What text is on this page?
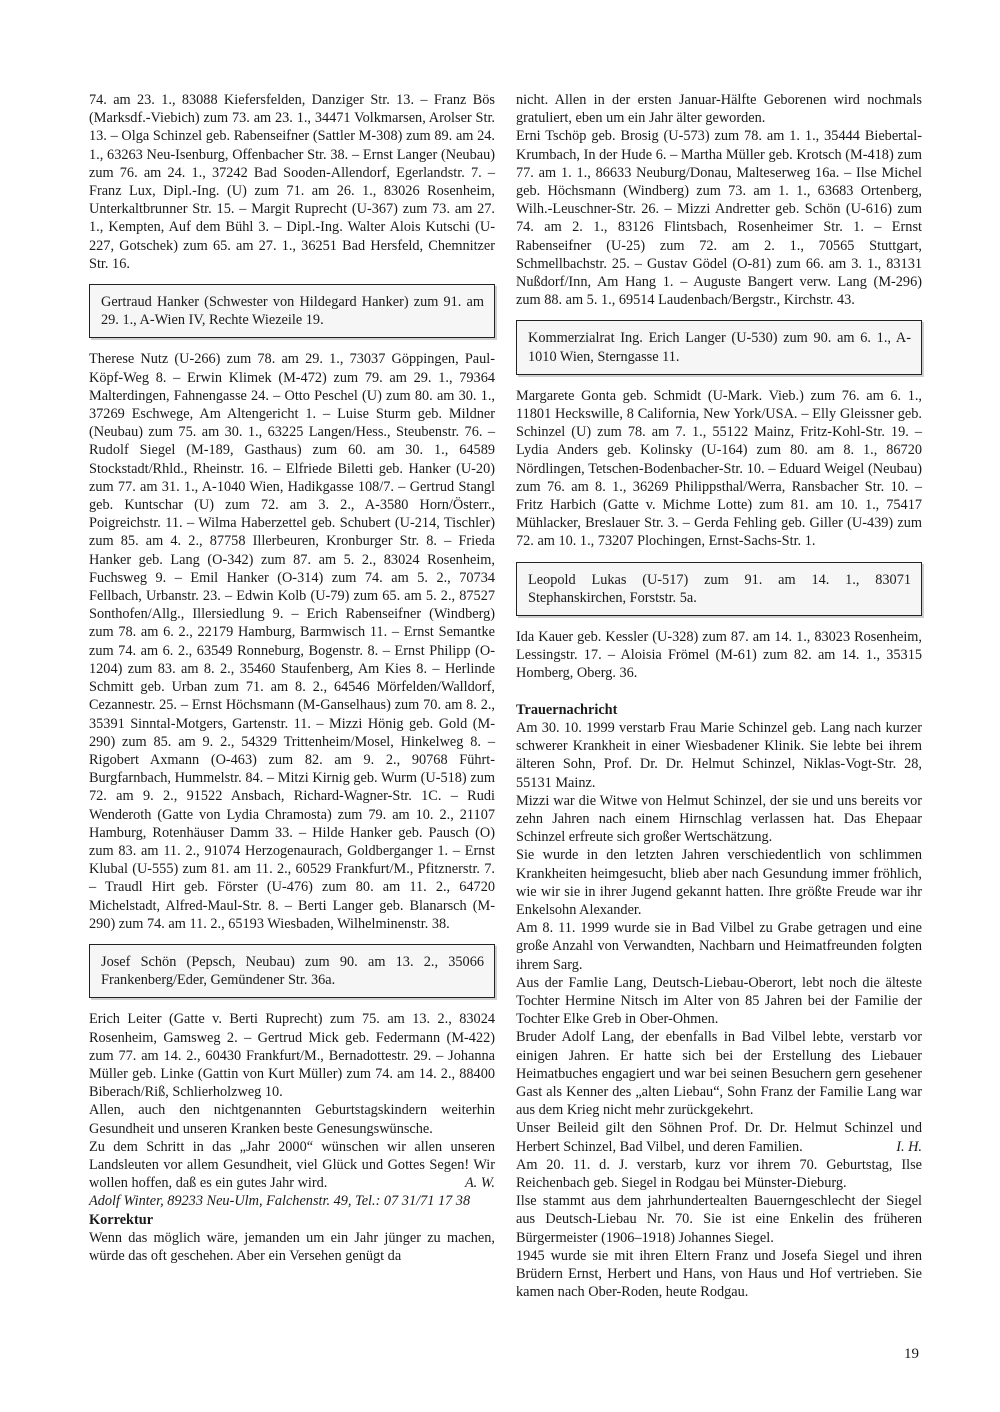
74. am 23. 1., 83088 Kiefersfelden, Danziger Str. 13. – Franz Bös (Marksdf.-Viebich) zum 73. am 23. 1., 34471 Volkmarsen, Arolser Str. 13. – Olga Schinzel geb. Rabenseifner (Sattler M-308) zum 89. am 24. 1., 63263 Neu-Isenburg, Offenbacher Str. 38. – Ernst Langer (Neubau) zum 76. am 24. 1., 37242 Bad Sooden-Allendorf, Egerlandstr. 7. – Franz Lux, Dipl.-Ing. (U) zum 71. am 26. 1., 83026 Rosenheim, Unterkaltbrunner Str. 15. – Margit Ruprecht (U-367) zum 73. am 27. 1., Kempten, Auf dem Bühl 3. – Dipl.-Ing. Walter Alois Kutschi (U-227, Gotschek) zum 65. am 27. 1., 36251 Bad Hersfeld, Chemnitzer Str. 16.

Gertraud Hanker (Schwester von Hildegard Hanker) zum 91. am 29. 1., A-Wien IV, Rechte Wiezeile 19.

Therese Nutz (U-266) zum 78. am 29. 1., 73037 Göppingen, Paul-Köpf-Weg 8. – Erwin Klimek (M-472) zum 79. am 29. 1., 79364 Malterdingen, Fahnengasse 24. – Otto Peschel (U) zum 80. am 30. 1., 37269 Eschwege, Am Altengericht 1. – Luise Sturm geb. Mildner (Neubau) zum 75. am 30. 1., 63225 Langen/Hess., Steubenstr. 76. – Rudolf Siegel (M-189, Gasthaus) zum 60. am 30. 1., 64589 Stockstadt/Rhld., Rheinstr. 16. – Elfriede Biletti geb. Hanker (U-20) zum 77. am 31. 1., A-1040 Wien, Hadikgasse 108/7. – Gertrud Stangl geb. Kuntschar (U) zum 72. am 3. 2., A-3580 Horn/Österr., Poigreichstr. 11. – Wilma Haberzettel geb. Schubert (U-214, Tischler) zum 85. am 4. 2., 87758 Illerbeuren, Kronburger Str. 8. – Frieda Hanker geb. Lang (O-342) zum 87. am 5. 2., 83024 Rosenheim, Fuchsweg 9. – Emil Hanker (O-314) zum 74. am 5. 2., 70734 Fellbach, Urbanstr. 23. – Edwin Kolb (U-79) zum 65. am 5. 2., 87527 Sonthofen/Allg., Illersiedlung 9. – Erich Rabenseifner (Windberg) zum 78. am 6. 2., 22179 Hamburg, Barmwisch 11. – Ernst Semantke zum 74. am 6. 2., 63549 Ronneburg, Bogenstr. 8. – Ernst Philipp (O-1204) zum 83. am 8. 2., 35460 Staufenberg, Am Kies 8. – Herlinde Schmitt geb. Urban zum 71. am 8. 2., 64546 Mörfelden/Walldorf, Cezannestr. 25. – Ernst Höchsmann (M-Ganselhaus) zum 70. am 8. 2., 35391 Sinntal-Motgers, Gartenstr. 11. – Mizzi Hönig geb. Gold (M-290) zum 85. am 9. 2., 54329 Trittenheim/Mosel, Hinkelweg 8. – Rigobert Axmann (O-463) zum 82. am 9. 2., 90768 Führt-Burgfarnbach, Hummelstr. 84. – Mitzi Kirnig geb. Wurm (U-518) zum 72. am 9. 2., 91522 Ansbach, Richard-Wagner-Str. 1C. – Rudi Wenderoth (Gatte von Lydia Chramosta) zum 79. am 10. 2., 21107 Hamburg, Rotenhäuser Damm 33. – Hilde Hanker geb. Pausch (O) zum 83. am 11. 2., 91074 Herzogenaurach, Goldberganger 1. – Ernst Klubal (U-555) zum 81. am 11. 2., 60529 Frankfurt/M., Pfitznerstr. 7. – Traudl Hirt geb. Förster (U-476) zum 80. am 11. 2., 64720 Michelstadt, Alfred-Maul-Str. 8. – Berti Langer geb. Blanarsch (M-290) zum 74. am 11. 2., 65193 Wiesbaden, Wilhelminenstr. 38.

Josef Schön (Pepsch, Neubau) zum 90. am 13. 2., 35066 Frankenberg/Eder, Gemündener Str. 36a.

Erich Leiter (Gatte v. Berti Ruprecht) zum 75. am 13. 2., 83024 Rosenheim, Gamsweg 2. – Gertrud Mick geb. Federmann (M-422) zum 77. am 14. 2., 60430 Frankfurt/M., Bernadottestr. 29. – Johanna Müller geb. Linke (Gattin von Kurt Müller) zum 74. am 14. 2., 88400 Biberach/Riß, Schlierholzweg 10.

Allen, auch den nichtgenannten Geburtstagskindern weiterhin Gesundheit und unseren Kranken beste Genesungswünsche.

Zu dem Schritt in das „Jahr 2000“ wünschen wir allen unseren Landsleuten vor allem Gesundheit, viel Glück und Gottes Segen! Wir wollen hoffen, daß es ein gutes Jahr wird.	A. W.

Adolf Winter, 89233 Neu-Ulm, Falchenstr. 49, Tel.: 07 31/71 17 38

Korrektur

Wenn das möglich wäre, jemanden um ein Jahr jünger zu machen, würde das oft geschehen. Aber ein Versehen genügt da

nicht. Allen in der ersten Januar-Hälfte Geborenen wird nochmals gratuliert, eben um ein Jahr älter geworden.

Erni Tschöp geb. Brosig (U-573) zum 78. am 1. 1., 35444 Biebertal-Krumbach, In der Hude 6. – Martha Müller geb. Krotsch (M-418) zum 77. am 1. 1., 86633 Neuburg/Donau, Malteserweg 16a. – Ilse Michel geb. Höchsmann (Windberg) zum 73. am 1. 1., 63683 Ortenberg, Wilh.-Leuschner-Str. 26. – Mizzi Andretter geb. Schön (U-616) zum 74. am 2. 1., 83126 Flintsbach, Rosenheimer Str. 1. – Ernst Rabenseifner (U-25) zum 72. am 2. 1., 70565 Stuttgart, Schmellbachstr. 25. – Gustav Gödel (O-81) zum 66. am 3. 1., 83131 Nußdorf/Inn, Am Hang 1. – Auguste Bangert verw. Lang (M-296) zum 88. am 5. 1., 69514 Laudenbach/Bergstr., Kirchstr. 43.

Kommerzialrat Ing. Erich Langer (U-530) zum 90. am 6. 1., A-1010 Wien, Sterngasse 11.

Margarete Gonta geb. Schmidt (U-Mark. Vieb.) zum 76. am 6. 1., 11801 Heckswille, 8 California, New York/USA. – Elly Gleissner geb. Schinzel (U) zum 78. am 7. 1., 55122 Mainz, Fritz-Kohl-Str. 19. – Lydia Anders geb. Kolinsky (U-164) zum 80. am 8. 1., 86720 Nördlingen, Tetschen-Bodenbacher-Str. 10. – Eduard Weigel (Neubau) zum 76. am 8. 1., 36269 Philippsthal/Werra, Ransbacher Str. 10. – Fritz Harbich (Gatte v. Michme Lotte) zum 81. am 10. 1., 75417 Mühlacker, Breslauer Str. 3. – Gerda Fehling geb. Giller (U-439) zum 72. am 10. 1., 73207 Plochingen, Ernst-Sachs-Str. 1.

Leopold Lukas (U-517) zum 91. am 14. 1., 83071 Stephanskirchen, Forststr. 5a.

Ida Kauer geb. Kessler (U-328) zum 87. am 14. 1., 83023 Rosenheim, Lessingstr. 17. – Aloisia Frömel (M-61) zum 82. am 14. 1., 35315 Homberg, Oberg. 36.

Trauernachricht

Am 30. 10. 1999 verstarb Frau Marie Schinzel geb. Lang nach kurzer schwerer Krankheit in einer Wiesbadener Klinik. Sie lebte bei ihrem älteren Sohn, Prof. Dr. Dr. Helmut Schinzel, Niklas-Vogt-Str. 28, 55131 Mainz.

Mizzi war die Witwe von Helmut Schinzel, der sie und uns bereits vor zehn Jahren nach einem Hirnschlag verlassen hat. Das Ehepaar Schinzel erfreute sich großer Wertschätzung.

Sie wurde in den letzten Jahren verschiedentlich von schlimmen Krankheiten heimgesucht, blieb aber nach Gesundung immer fröhlich, wie wir sie in ihrer Jugend gekannt hatten. Ihre größte Freude war ihr Enkelsohn Alexander.

Am 8. 11. 1999 wurde sie in Bad Vilbel zu Grabe getragen und eine große Anzahl von Verwandten, Nachbarn und Heimatfreunden folgten ihrem Sarg.

Aus der Famlie Lang, Deutsch-Liebau-Oberort, lebt noch die älteste Tochter Hermine Nitsch im Alter von 85 Jahren bei der Familie der Tochter Elke Greb in Ober-Ohmen.

Bruder Adolf Lang, der ebenfalls in Bad Vilbel lebte, verstarb vor einigen Jahren. Er hatte sich bei der Erstellung des Liebauer Heimatbuches engagiert und war bei seinen Besuchern gern gesehener Gast als Kenner des „alten Liebau“, Sohn Franz der Familie Lang war aus dem Krieg nicht mehr zurückgekehrt.

Unser Beileid gilt den Söhnen Prof. Dr. Dr. Helmut Schinzel und Herbert Schinzel, Bad Vilbel, und deren Familien.	I. H.

Am 20. 11. d. J. verstarb, kurz vor ihrem 70. Geburtstag, Ilse Reichenbach geb. Siegel in Rodgau bei Münster-Dieburg.

Ilse stammt aus dem jahrhundertealten Bauerngeschlecht der Siegel aus Deutsch-Liebau Nr. 70. Sie ist eine Enkelin des früheren Bürgermeister (1906–1918) Johannes Siegel.

1945 wurde sie mit ihren Eltern Franz und Josefa Siegel und ihren Brüdern Ernst, Herbert und Hans, von Haus und Hof vertrieben. Sie kamen nach Ober-Roden, heute Rodgau.

19
